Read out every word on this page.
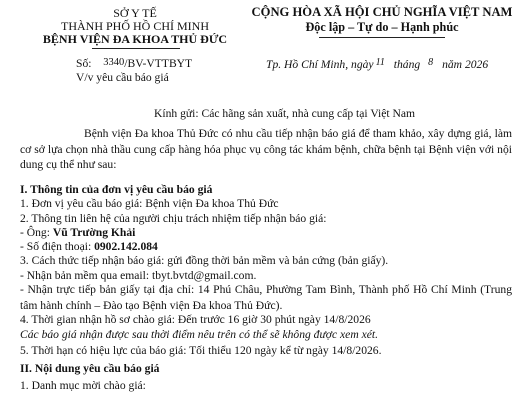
SỞ Y TẾ
THÀNH PHỐ HỒ CHÍ MINH
BỆNH VIỆN ĐA KHOA THỦ ĐỨC
Số: 3340/BV-VTTBYT
V/v yêu cầu báo giá
CỘNG HÒA XÃ HỘI CHỦ NGHĨA VIỆT NAM
Độc lập – Tự do – Hạnh phúc
Tp. Hồ Chí Minh, ngày 11 tháng 8 năm 2026
Kính gửi: Các hãng sản xuất, nhà cung cấp tại Việt Nam
Bệnh viện Đa khoa Thủ Đức có nhu cầu tiếp nhận báo giá để tham khảo, xây dựng giá, làm cơ sở lựa chọn nhà thầu cung cấp hàng hóa phục vụ công tác khám bệnh, chữa bệnh tại Bệnh viện với nội dung cụ thể như sau:
I. Thông tin của đơn vị yêu cầu báo giá
1. Đơn vị yêu cầu báo giá: Bệnh viện Đa khoa Thủ Đức
2. Thông tin liên hệ của người chịu trách nhiệm tiếp nhận báo giá:
- Ông: Vũ Trường Khải
- Số điện thoại: 0902.142.084
3. Cách thức tiếp nhận báo giá: gửi đồng thời bản mềm và bản cứng (bản giấy).
- Nhận bản mềm qua email: tbyt.bvtd@gmail.com.
- Nhận trực tiếp bản giấy tại địa chỉ: 14 Phú Châu, Phường Tam Bình, Thành phố Hồ Chí Minh (Trung tâm hành chính – Đào tạo Bệnh viện Đa khoa Thủ Đức).
4. Thời gian nhận hồ sơ chào giá: Đến trước 16 giờ 30 phút ngày 14/8/2026
Các báo giá nhận được sau thời điểm nêu trên có thể sẽ không được xem xét.
5. Thời hạn có hiệu lực của báo giá: Tối thiểu 120 ngày kể từ ngày 14/8/2026.
II. Nội dung yêu cầu báo giá
1. Danh mục mời chào giá:
